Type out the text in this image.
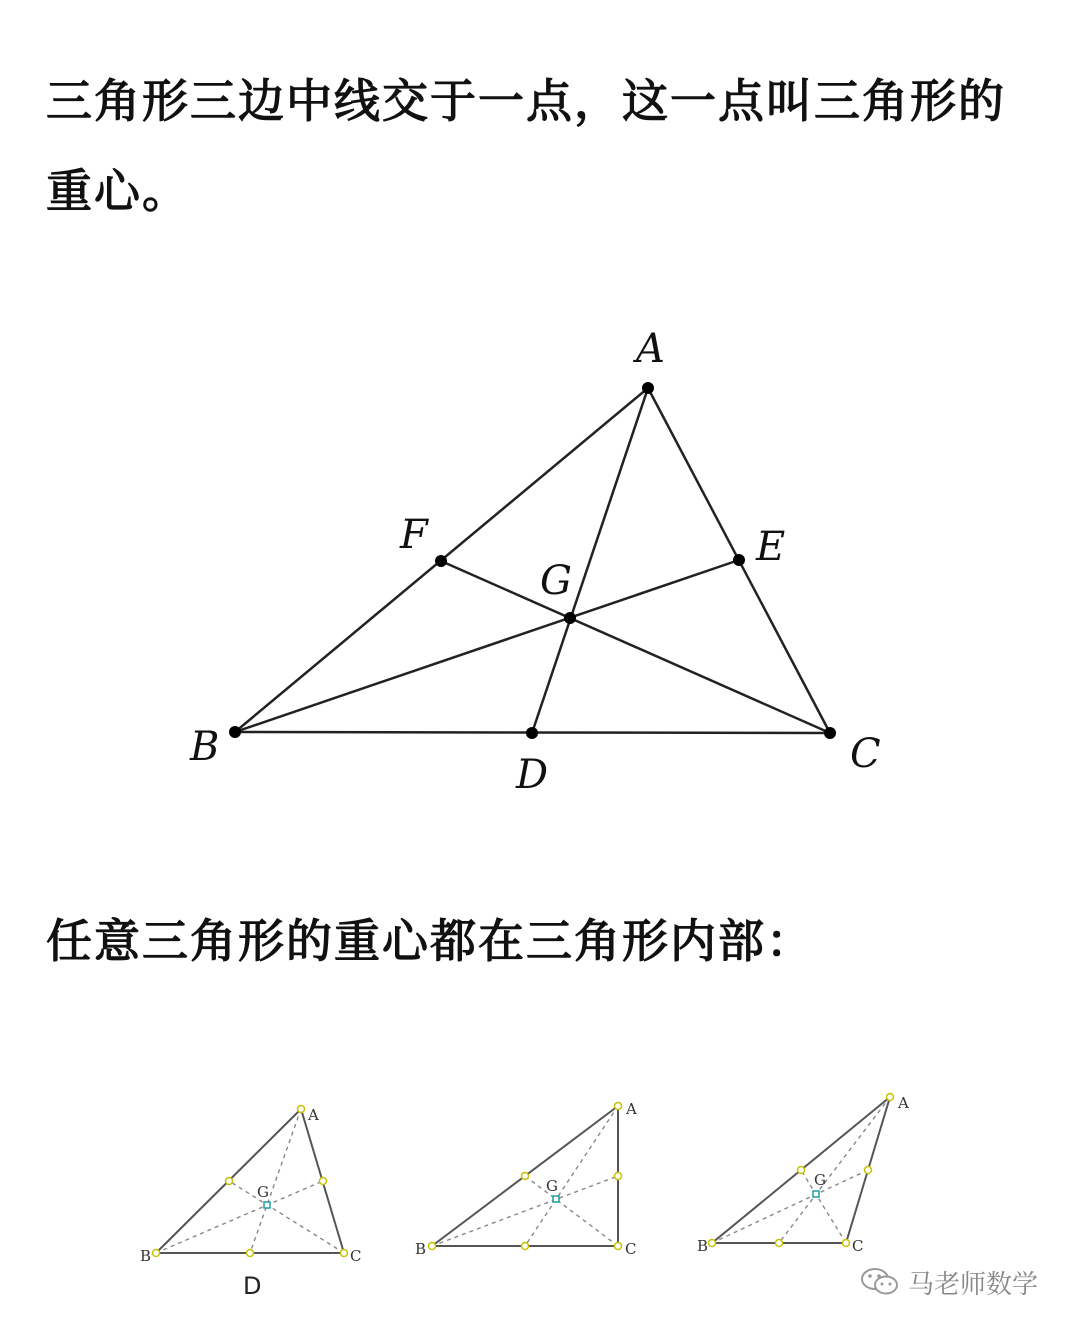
三角形三边中线交于一点，这一点叫三角形的重心。

A
B	C
D
E
F
G
A
B	C
G
D
A
B	C
G
A
B	C
G

任意三角形的重心都在三角形内部：

马老师数学
